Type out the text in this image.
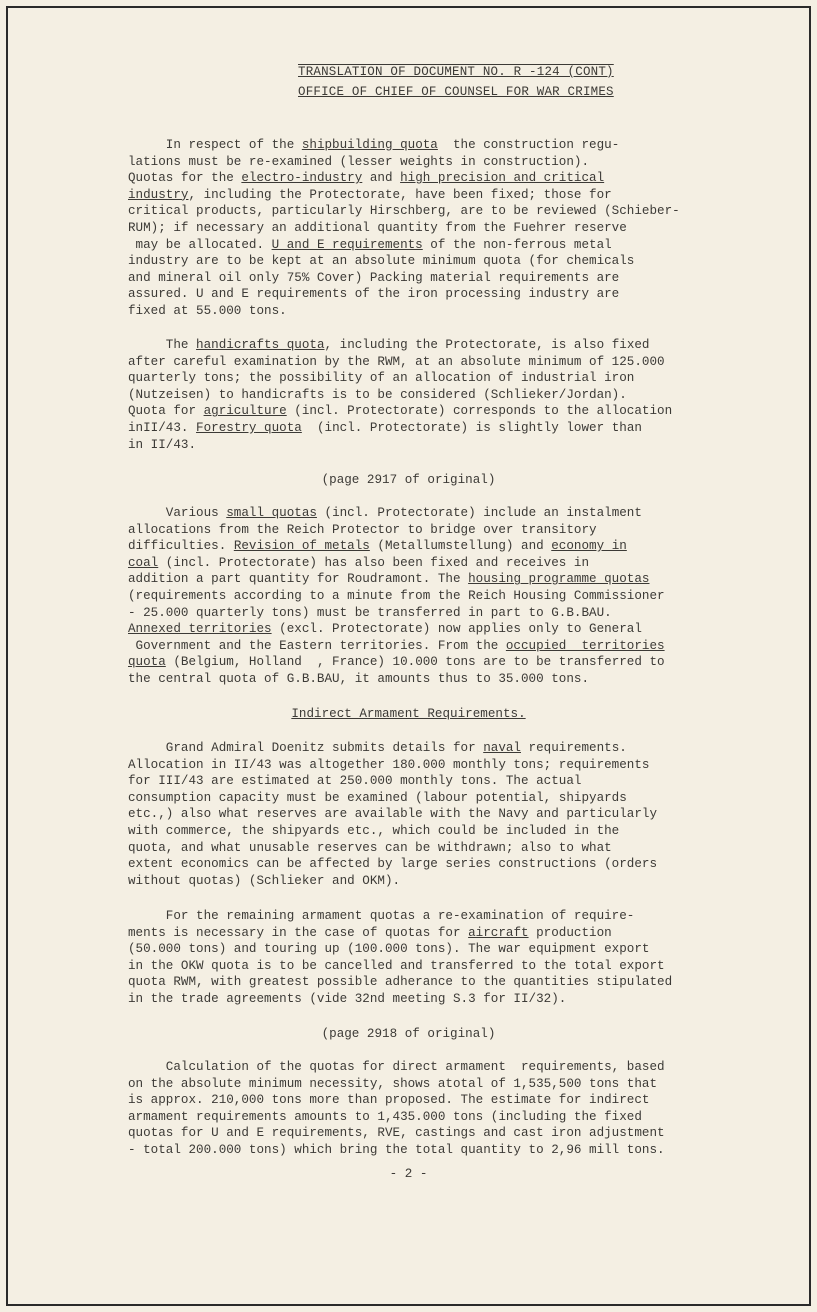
TRANSLATION OF DOCUMENT NO. R -124 (CONT)
OFFICE OF CHIEF OF COUNSEL FOR WAR CRIMES
In respect of the shipbuilding quota  the construction regu-
lations must be re-examined (lesser weights in construction).
Quotas for the electro-industry and high precision and critical
industry, including the Protectorate, have been fixed; those for
critical products, particularly Hirschberg, are to be reviewed (Schieber-
RUM); if necessary an additional quantity from the Fuehrer reserve
may be allocated. U and E requirements of the non-ferrous metal
industry are to be kept at an absolute minimum quota (for chemicals
and mineral oil only 75% Cover) Packing material requirements are
assured. U and E requirements of the iron processing industry are
fixed at 55.000 tons.
The handicrafts quota, including the Protectorate, is also fixed
after careful examination by the RWM, at an absolute minimum of 125.000
quarterly tons; the possibility of an allocation of industrial iron
(Nutzeisen) to handicrafts is to be considered (Schlieker/Jordan).
Quota for agriculture (incl. Protectorate) corresponds to the allocation
inII/43. Forestry quota  (incl. Protectorate) is slightly lower than
in II/43.
(page 2917 of original)
Various small quotas (incl. Protectorate) include an instalment
allocations from the Reich Protector to bridge over transitory
difficulties. Revision of metals (Metallumstellung) and economy in
coal (incl. Protectorate) has also been fixed and receives in
addition a part quantity for Roudramont. The housing programme quotas
(requirements according to a minute from the Reich Housing Commissioner
- 25.000 quarterly tons) must be transferred in part to G.B.BAU.
Annexed territories (excl. Protectorate) now applies only to General
Government and the Eastern territories. From the occupied  territories
quota (Belgium, Holland  , France) 10.000 tons are to be transferred to
the central quota of G.B.BAU, it amounts thus to 35.000 tons.
Indirect Armament Requirements.
Grand Admiral Doenitz submits details for naval requirements.
Allocation in II/43 was altogether 180.000 monthly tons; requirements
for III/43 are estimated at 250.000 monthly tons. The actual
consumption capacity must be examined (labour potential, shipyards
etc.,) also what reserves are available with the Navy and particularly
with commerce, the shipyards etc., which could be included in the
quota, and what unusable reserves can be withdrawn; also to what
extent economics can be affected by large series constructions (orders
without quotas) (Schlieker and OKM).
For the remaining armament quotas a re-examination of require-
ments is necessary in the case of quotas for aircraft production
(50.000 tons) and touring up (100.000 tons). The war equipment export
in the OKW quota is to be cancelled and transferred to the total export
quota RWM, with greatest possible adherance to the quantities stipulated
in the trade agreements (vide 32nd meeting S.3 for II/32).
(page 2918 of original)
Calculation of the quotas for direct armament  requirements, based
on the absolute minimum necessity, shows atotal of 1,535,500 tons that
is approx. 210,000 tons more than proposed. The estimate for indirect
armament requirements amounts to 1,435.000 tons (including the fixed
quotas for U and E requirements, RVE, castings and cast iron adjustment
- total 200.000 tons) which bring the total quantity to 2,96 mill tons.
- 2 -
